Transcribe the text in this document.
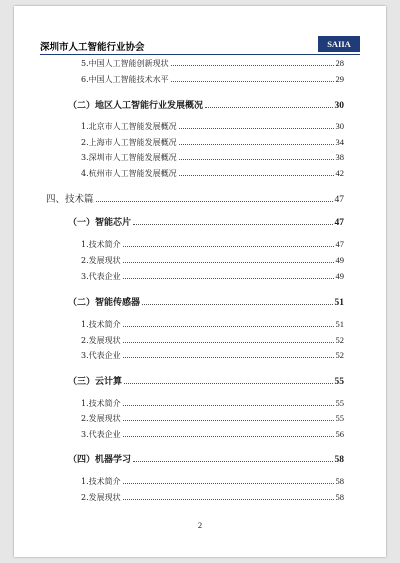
深圳市人工智能行业协会	SAIIA
5.中国人工智能创新现状	28
6.中国人工智能技术水平	29
（二）地区人工智能行业发展概况	30
1.北京市人工智能发展概况	30
2.上海市人工智能发展概况	34
3.深圳市人工智能发展概况	38
4.杭州市人工智能发展概况	42
四、技术篇	47
（一）智能芯片	47
1.技术简介	47
2.发展现状	49
3.代表企业	49
（二）智能传感器	51
1.技术简介	51
2.发展现状	52
3.代表企业	52
（三）云计算	55
1.技术简介	55
2.发展现状	55
3.代表企业	56
（四）机器学习	58
1.技术简介	58
2.发展现状	58
2
